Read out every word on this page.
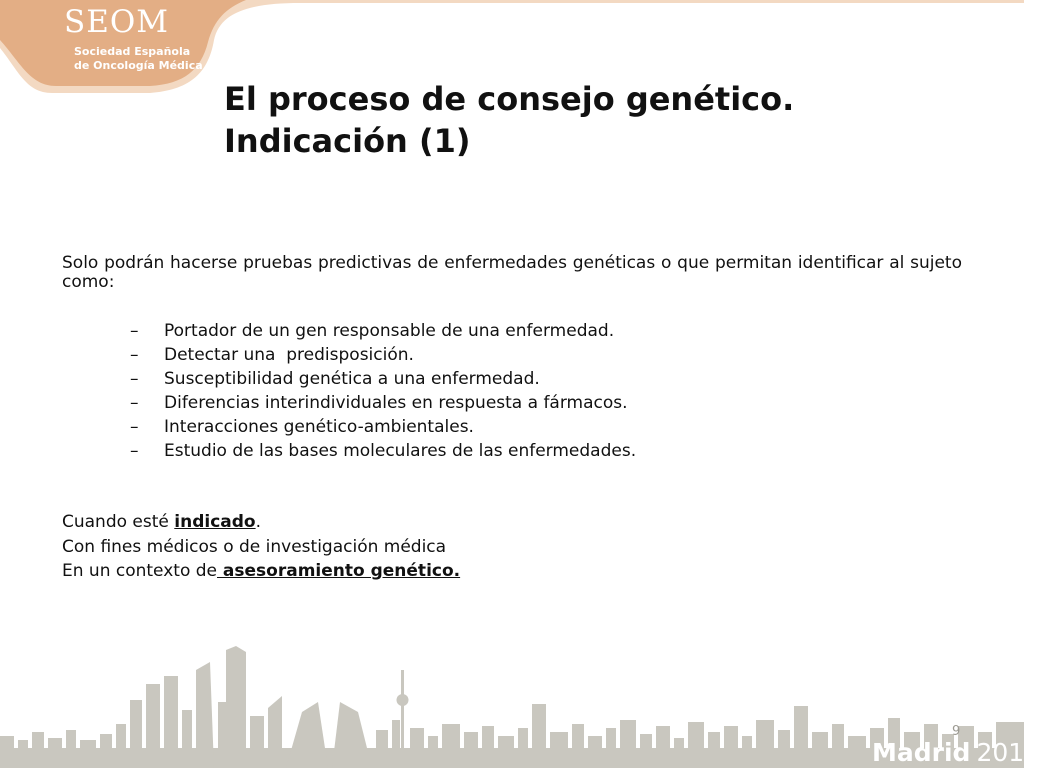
SEOM
Sociedad Española
de Oncología Médica
El proceso de consejo genético.
Indicación (1)
Solo podrán hacerse pruebas predictivas de enfermedades genéticas o que permitan identificar al sujeto como:
– Portador de un gen responsable de una enfermedad.
– Detectar una  predisposición.
– Susceptibilidad genética a una enfermedad.
– Diferencias interindividuales en respuesta a fármacos.
– Interacciones genético-ambientales.
– Estudio de las bases moleculares de las enfermedades.
Cuando esté indicado.
Con fines médicos o de investigación médica
En un contexto de asesoramiento genético.
9
Madrid 2010
